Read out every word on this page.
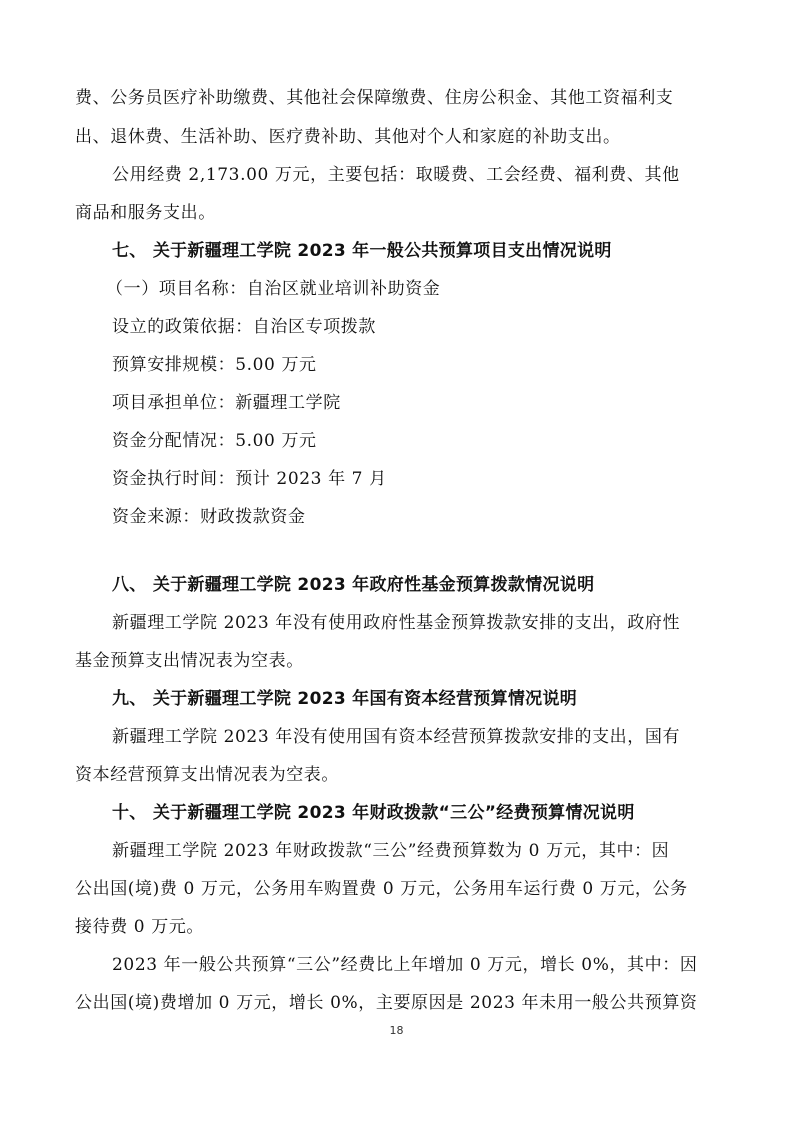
费、公务员医疗补助缴费、其他社会保障缴费、住房公积金、其他工资福利支
出、退休费、生活补助、医疗费补助、其他对个人和家庭的补助支出。
公用经费 2,173.00 万元，主要包括：取暖费、工会经费、福利费、其他
商品和服务支出。
七、 关于新疆理工学院 2023 年一般公共预算项目支出情况说明
（一）项目名称：自治区就业培训补助资金
设立的政策依据：自治区专项拨款
预算安排规模：5.00 万元
项目承担单位：新疆理工学院
资金分配情况：5.00 万元
资金执行时间：预计 2023 年 7 月
资金来源：财政拨款资金
八、 关于新疆理工学院 2023 年政府性基金预算拨款情况说明
新疆理工学院 2023 年没有使用政府性基金预算拨款安排的支出，政府性
基金预算支出情况表为空表。
九、 关于新疆理工学院 2023 年国有资本经营预算情况说明
新疆理工学院 2023 年没有使用国有资本经营预算拨款安排的支出，国有
资本经营预算支出情况表为空表。
十、 关于新疆理工学院 2023 年财政拨款“三公”经费预算情况说明
新疆理工学院 2023 年财政拨款“三公”经费预算数为 0 万元，其中：因
公出国(境)费 0 万元，公务用车购置费 0 万元，公务用车运行费 0 万元，公务
接待费 0 万元。
2023 年一般公共预算“三公”经费比上年增加 0 万元，增长 0%，其中：因
公出国(境)费增加 0 万元，增长 0%，主要原因是 2023 年未用一般公共预算资
18
